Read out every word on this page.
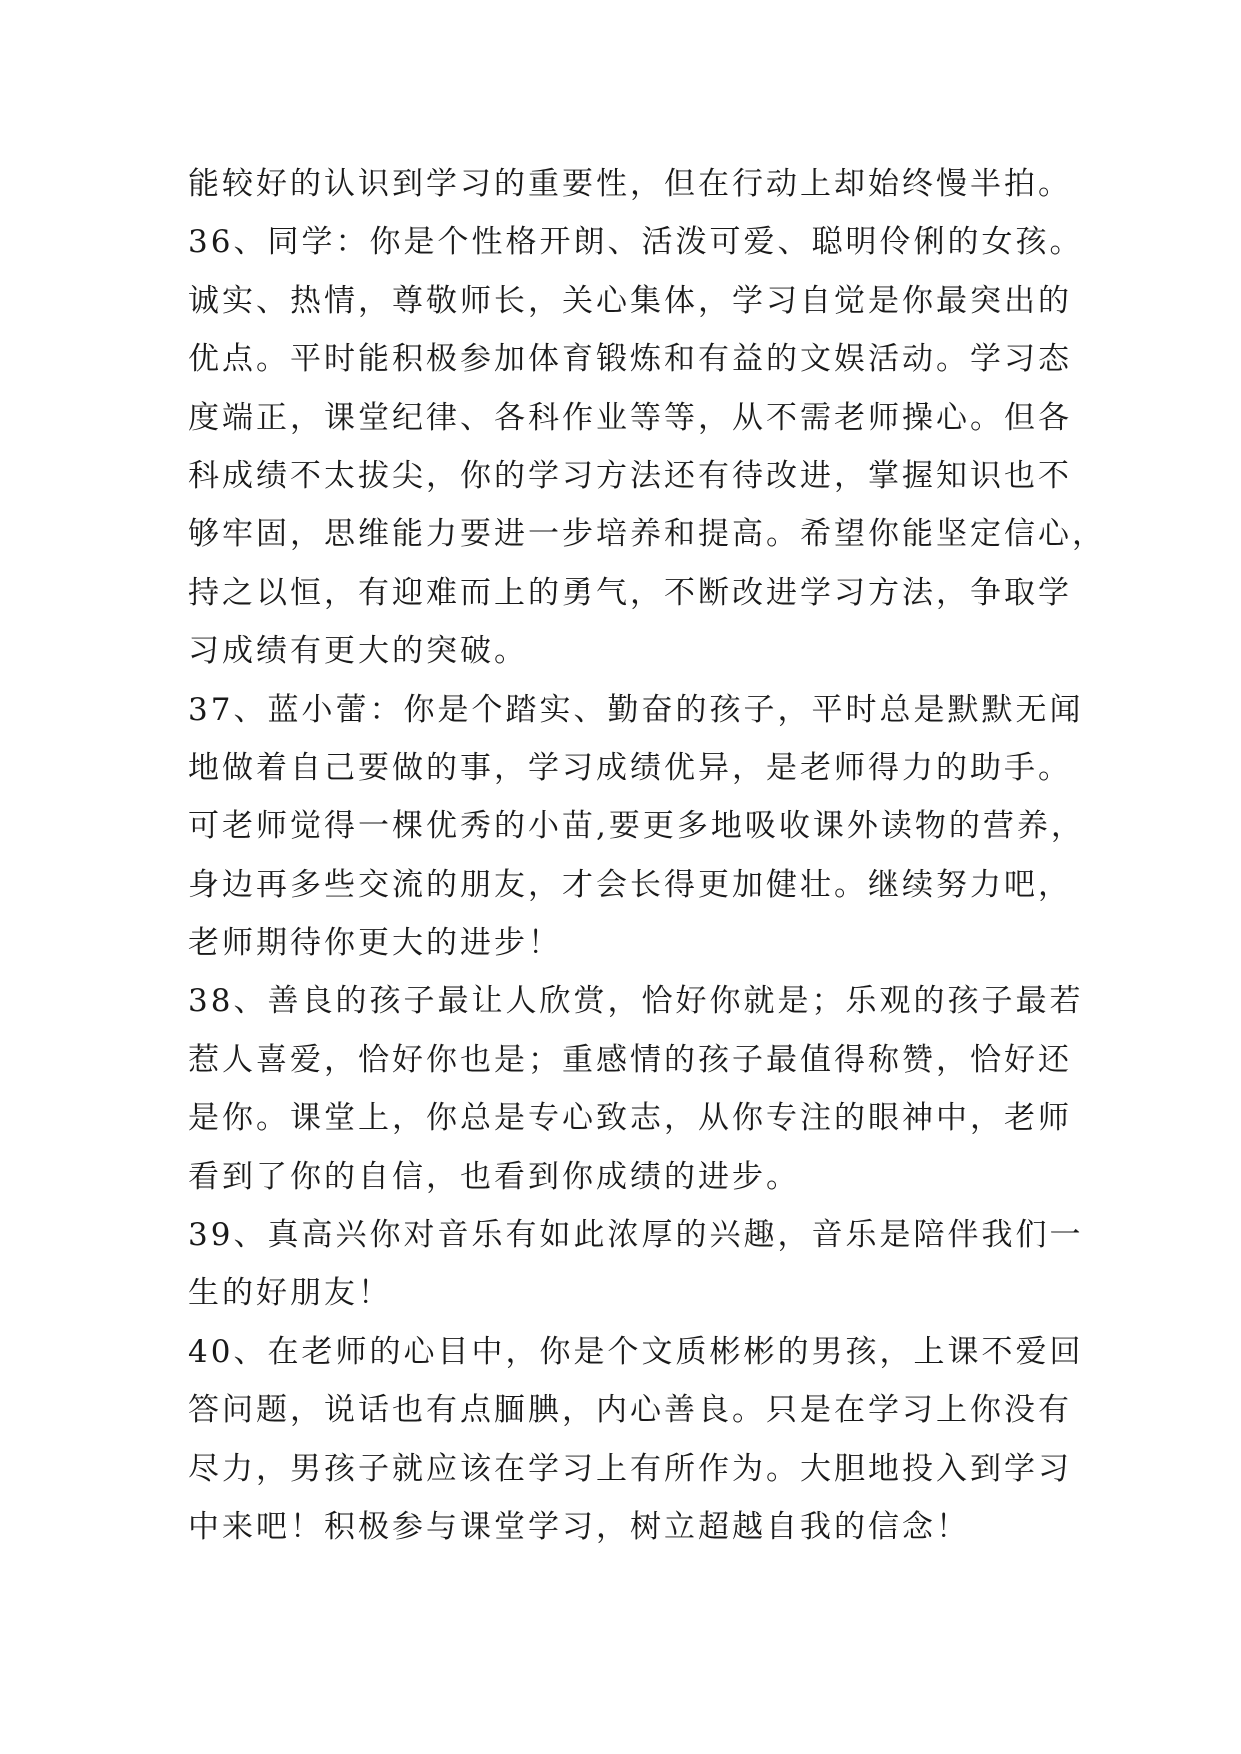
能较好的认识到学习的重要性，但在行动上却始终慢半拍。
36、同学：你是个性格开朗、活泼可爱、聪明伶俐的女孩。
诚实、热情，尊敬师长，关心集体，学习自觉是你最突出的
优点。平时能积极参加体育锻炼和有益的文娱活动。学习态
度端正，课堂纪律、各科作业等等，从不需老师操心。但各
科成绩不太拔尖，你的学习方法还有待改进，掌握知识也不
够牢固，思维能力要进一步培养和提高。希望你能坚定信心，
持之以恒，有迎难而上的勇气，不断改进学习方法，争取学
习成绩有更大的突破。
37、蓝小蕾：你是个踏实、勤奋的孩子，平时总是默默无闻
地做着自己要做的事，学习成绩优异，是老师得力的助手。
可老师觉得一棵优秀的小苗,要更多地吸收课外读物的营养，
身边再多些交流的朋友，才会长得更加健壮。继续努力吧，
老师期待你更大的进步！
38、善良的孩子最让人欣赏，恰好你就是；乐观的孩子最若
惹人喜爱，恰好你也是；重感情的孩子最值得称赞，恰好还
是你。课堂上，你总是专心致志，从你专注的眼神中，老师
看到了你的自信，也看到你成绩的进步。
39、真高兴你对音乐有如此浓厚的兴趣，音乐是陪伴我们一
生的好朋友！
40、在老师的心目中，你是个文质彬彬的男孩，上课不爱回
答问题，说话也有点腼腆，内心善良。只是在学习上你没有
尽力，男孩子就应该在学习上有所作为。大胆地投入到学习
中来吧！积极参与课堂学习，树立超越自我的信念！
